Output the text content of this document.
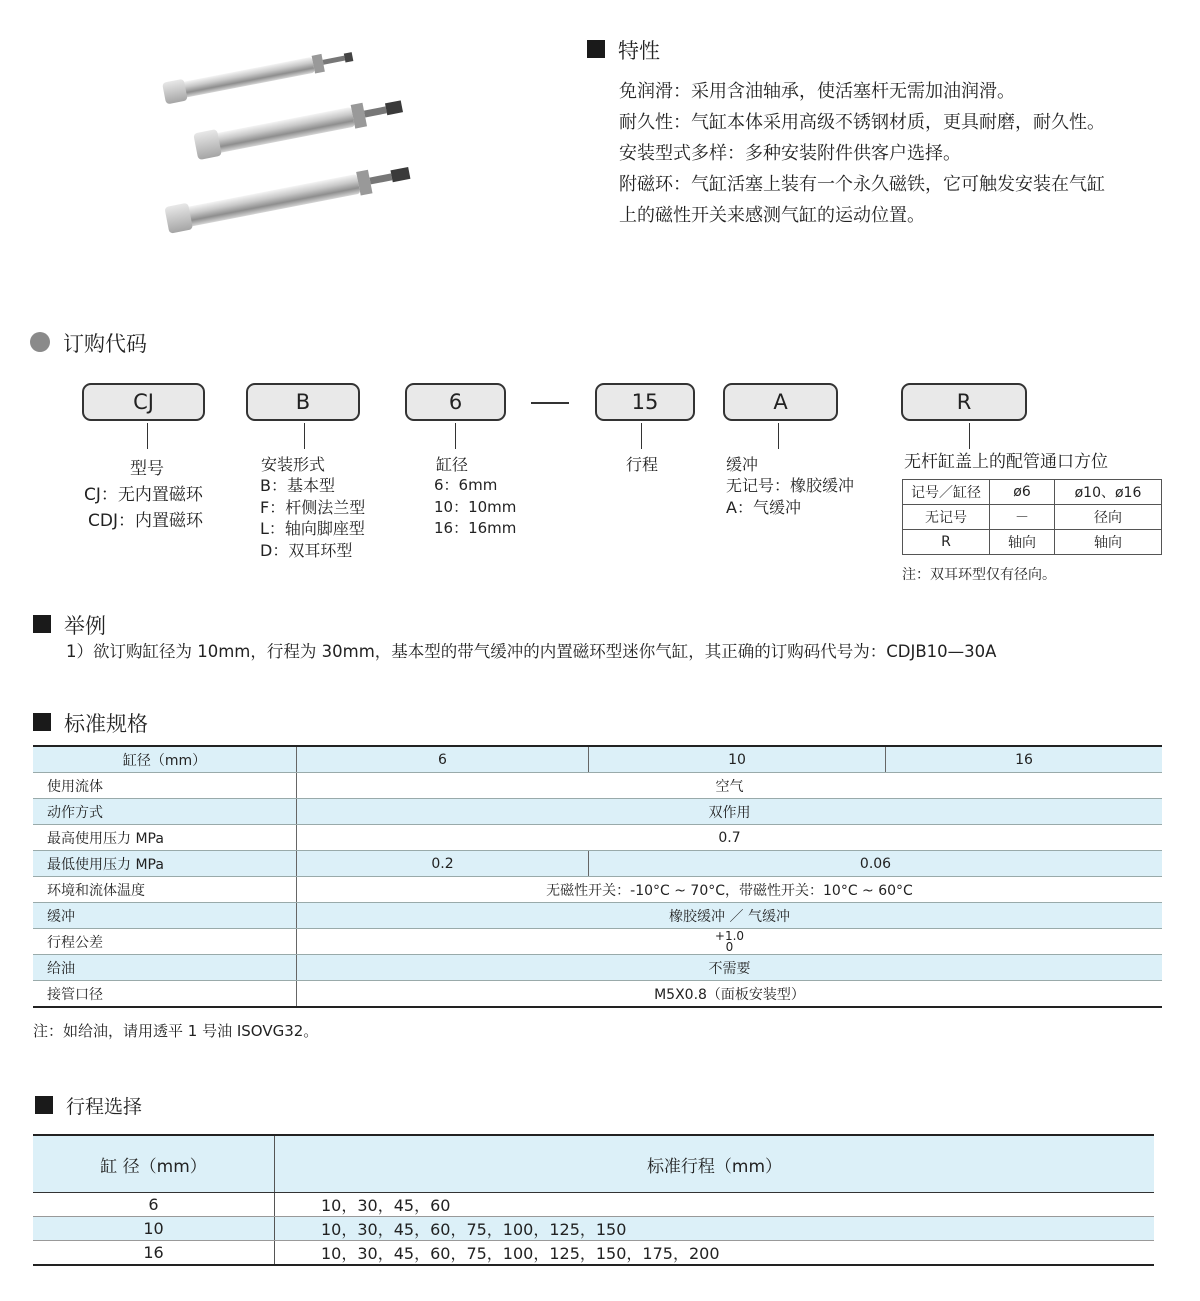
特性
免润滑：采用含油轴承，使活塞杆无需加油润滑。
耐久性：气缸本体采用高级不锈钢材质，更具耐磨，耐久性。
安装型式多样：多种安装附件供客户选择。
附磁环：气缸活塞上装有一个永久磁铁，它可触发安装在气缸
上的磁性开关来感测气缸的运动位置。
订购代码
CJ	B	6	15	A	R
型号
CJ：无内置磁环
CDJ：内置磁环
安装形式
B：基本型
F：杆侧法兰型
L：轴向脚座型
D：双耳环型
缸径
6：6mm
10：10mm
16：16mm
行程	缓冲
无记号：橡胶缓冲
A：气缓冲
无杆缸盖上的配管通口方位
记号／缸径	ø6	ø10、ø16
无记号	－	径向
R	轴向	轴向
注：双耳环型仅有径向。
举例
1）欲订购缸径为 10mm，行程为 30mm，基本型的带气缓冲的内置磁环型迷你气缸，其正确的订购码代号为：CDJB10—30A
标准规格
缸径（mm）	6	10	16
使用流体	空气		
动作方式	双作用		
最高使用压力 MPa	0.7		
最低使用压力 MPa	0.2	0.06	
环境和流体温度	无磁性开关：-10°C ~ 70°C，带磁性开关：10°C ~ 60°C		
缓冲	橡胶缓冲 ／ 气缓冲		
行程公差	+1.0
0		

给油	不需要		
接管口径	M5X0.8（面板安装型）		
注：如给油，请用透平 1 号油 ISOVG32。
行程选择
缸 径（mm）	标准行程（mm）
6	10，30，45，60
10	10，30，45，60，75，100，125，150
16	10，30，45，60，75，100，125，150，175，200
